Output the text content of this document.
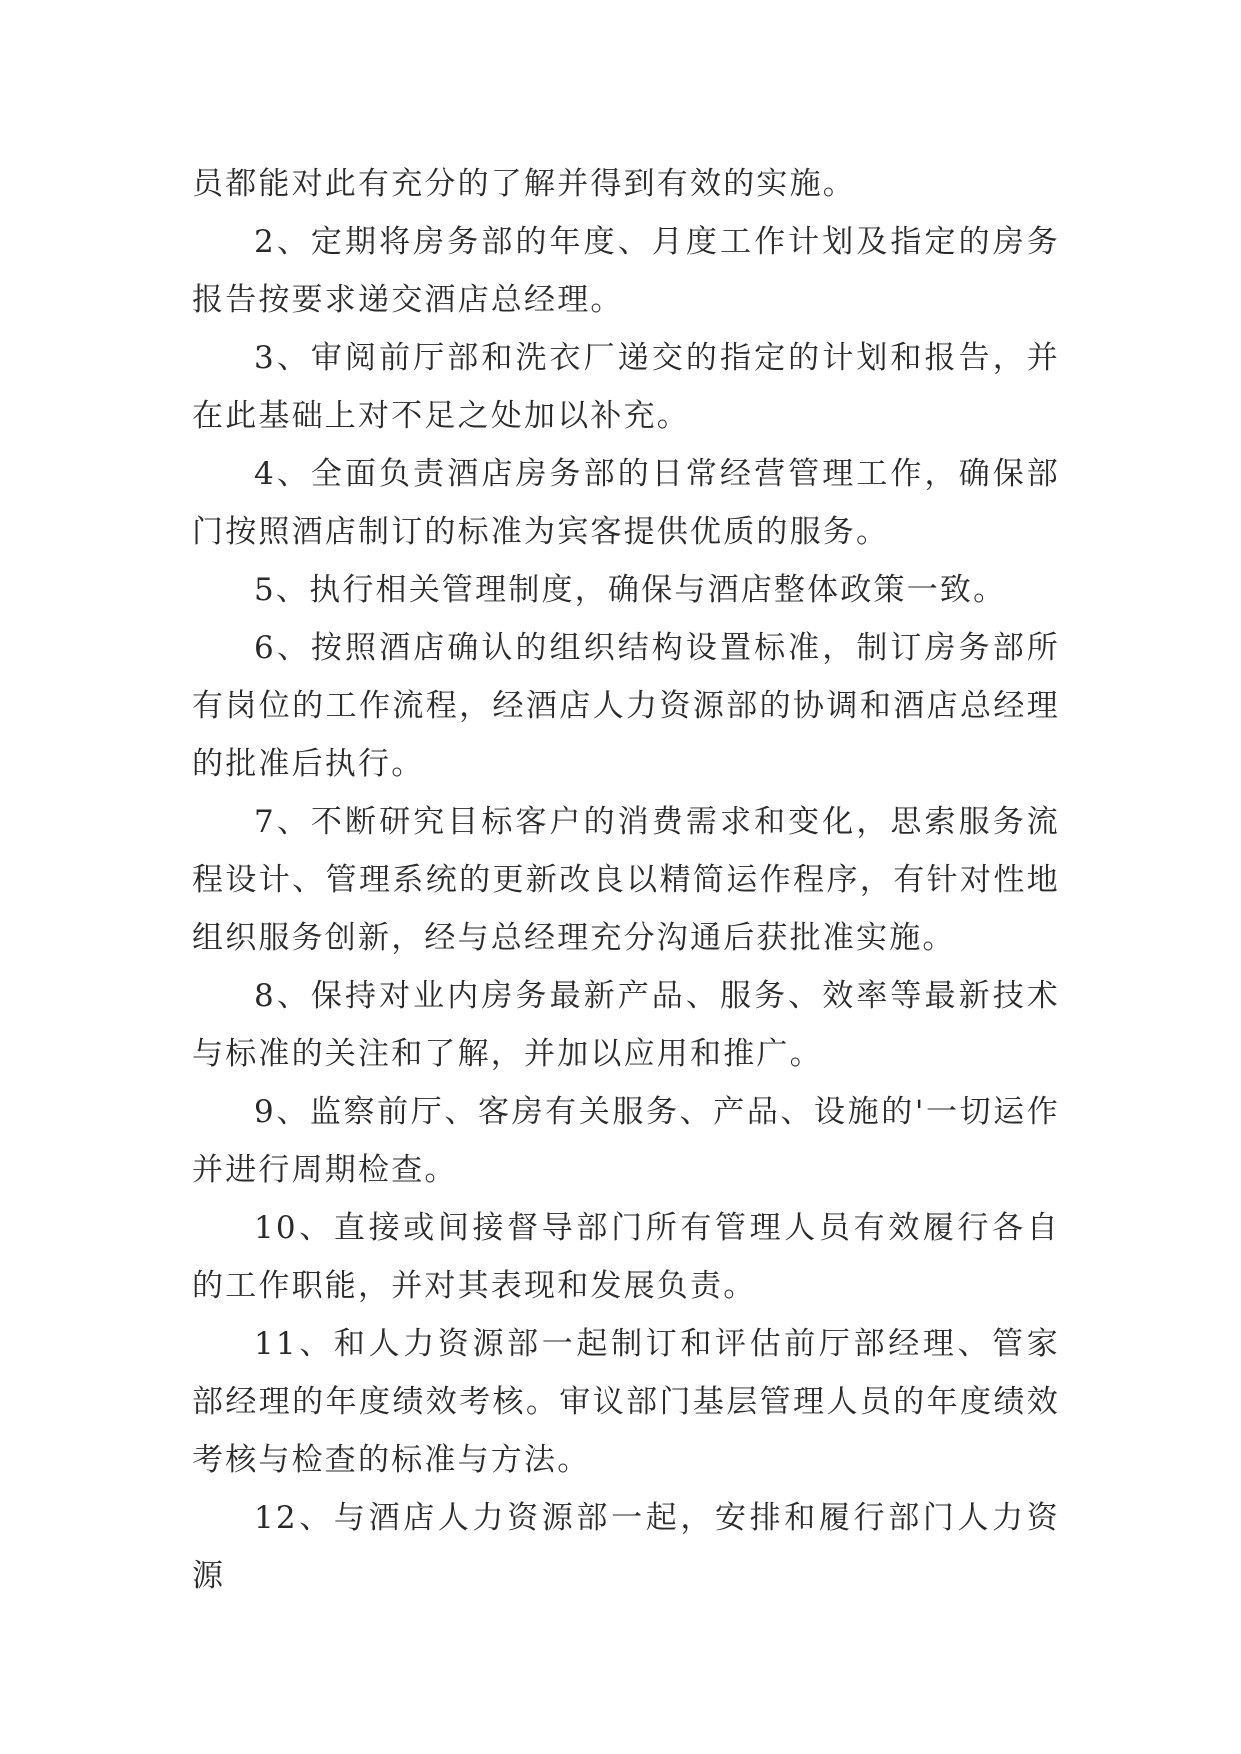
员都能对此有充分的了解并得到有效的实施。

2、定期将房务部的年度、月度工作计划及指定的房务报告按要求递交酒店总经理。

3、审阅前厅部和洗衣厂递交的指定的计划和报告，并在此基础上对不足之处加以补充。

4、全面负责酒店房务部的日常经营管理工作，确保部门按照酒店制订的标准为宾客提供优质的服务。

5、执行相关管理制度，确保与酒店整体政策一致。

6、按照酒店确认的组织结构设置标准，制订房务部所有岗位的工作流程，经酒店人力资源部的协调和酒店总经理的批准后执行。

7、不断研究目标客户的消费需求和变化，思索服务流程设计、管理系统的更新改良以精简运作程序，有针对性地组织服务创新，经与总经理充分沟通后获批准实施。

8、保持对业内房务最新产品、服务、效率等最新技术与标准的关注和了解，并加以应用和推广。

9、监察前厅、客房有关服务、产品、设施的'一切运作并进行周期检查。

10、直接或间接督导部门所有管理人员有效履行各自的工作职能，并对其表现和发展负责。

11、和人力资源部一起制订和评估前厅部经理、管家部经理的年度绩效考核。审议部门基层管理人员的年度绩效考核与检查的标准与方法。

12、与酒店人力资源部一起，安排和履行部门人力资源
